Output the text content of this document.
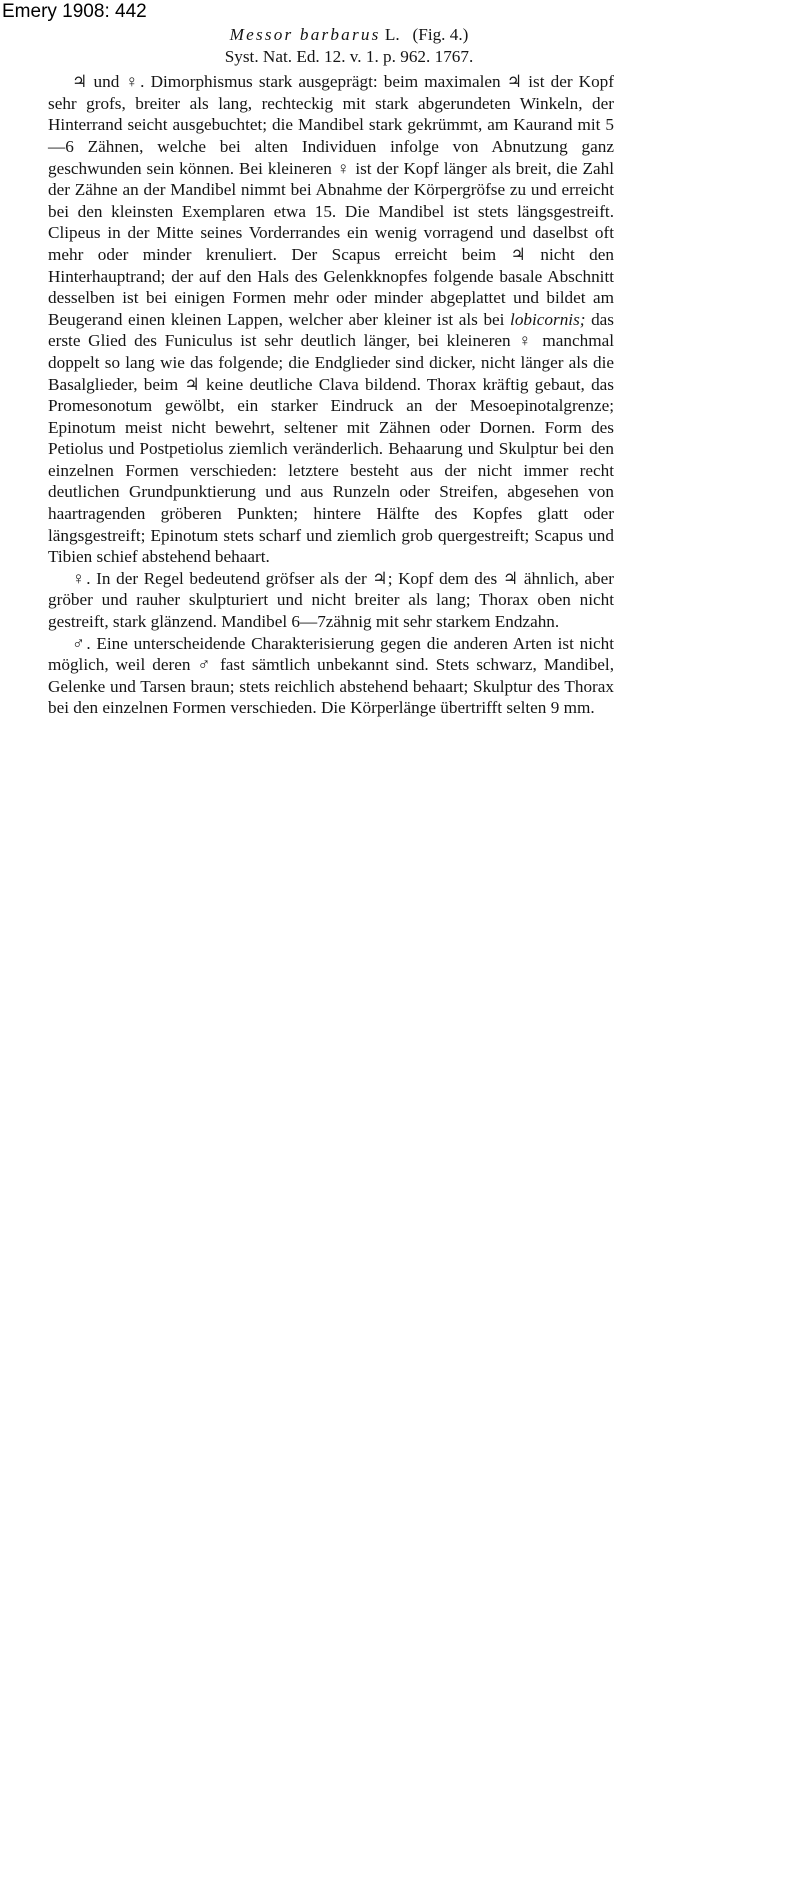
Emery 1908: 442

Messor barbarus L. (Fig. 4.)

Syst. Nat. Ed. 12. v. 1. p. 962. 1767.

♃ und ♀. Dimorphismus stark ausgeprägt: beim maximalen ♃ ist der Kopf sehr grofs, breiter als lang, rechteckig mit stark abgerundeten Winkeln, der Hinterrand seicht ausgebuchtet; die Mandibel stark gekrümmt, am Kaurand mit 5—6 Zähnen, welche bei alten Individuen infolge von Abnutzung ganz geschwunden sein können. Bei kleineren ♀ ist der Kopf länger als breit, die Zahl der Zähne an der Mandibel nimmt bei Abnahme der Körpergröfse zu und erreicht bei den kleinsten Exemplaren etwa 15. Die Mandibel ist stets längsgestreift. Clipeus in der Mitte seines Vorderrandes ein wenig vorragend und daselbst oft mehr oder minder krenuliert. Der Scapus erreicht beim ♃ nicht den Hinterhauptrand; der auf den Hals des Gelenkknopfes folgende basale Abschnitt desselben ist bei einigen Formen mehr oder minder abgeplattet und bildet am Beugerand einen kleinen Lappen, welcher aber kleiner ist als bei lobicornis; das erste Glied des Funiculus ist sehr deutlich länger, bei kleineren ♀ manchmal doppelt so lang wie das folgende; die Endglieder sind dicker, nicht länger als die Basalglieder, beim ♃ keine deutliche Clava bildend. Thorax kräftig gebaut, das Promesonotum gewölbt, ein starker Eindruck an der Mesoepinotalgrenze; Epinotum meist nicht bewehrt, seltener mit Zähnen oder Dornen. Form des Petiolus und Postpetiolus ziemlich veränderlich. Behaarung und Skulptur bei den einzelnen Formen verschieden: letztere besteht aus der nicht immer recht deutlichen Grundpunktierung und aus Runzeln oder Streifen, abgesehen von haartragenden gröberen Punkten; hintere Hälfte des Kopfes glatt oder längsgestreift; Epinotum stets scharf und ziemlich grob quergestreift; Scapus und Tibien schief abstehend behaart.

♀. In der Regel bedeutend gröfser als der ♃; Kopf dem des ♃ ähnlich, aber gröber und rauher skulpturiert und nicht breiter als lang; Thorax oben nicht gestreift, stark glänzend. Mandibel 6—7zähnig mit sehr starkem Endzahn.

♂. Eine unterscheidende Charakterisierung gegen die anderen Arten ist nicht möglich, weil deren ♂ fast sämtlich unbekannt sind. Stets schwarz, Mandibel, Gelenke und Tarsen braun; stets reichlich abstehend behaart; Skulptur des Thorax bei den einzelnen Formen verschieden. Die Körperlänge übertrifft selten 9 mm.
